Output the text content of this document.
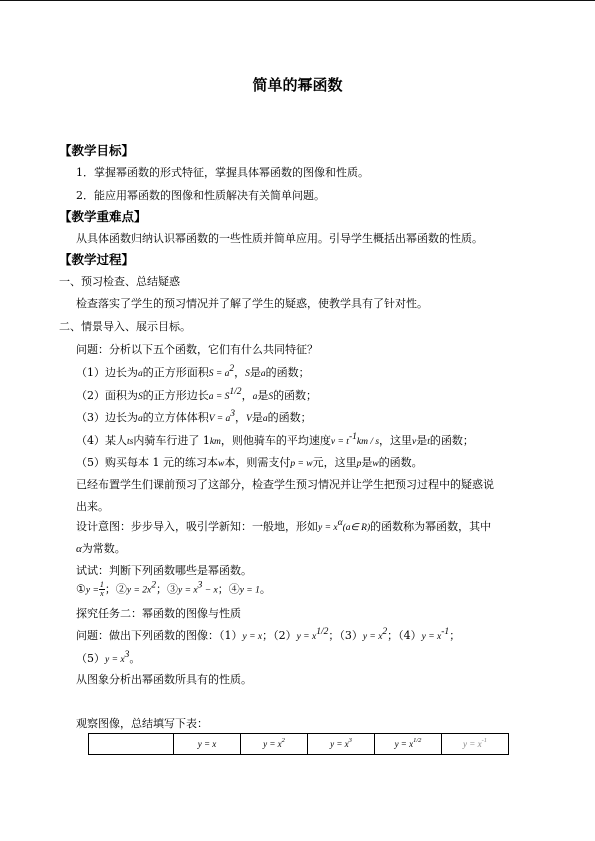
简单的幂函数
【教学目标】
1．掌握幂函数的形式特征，掌握具体幂函数的图像和性质。
2．能应用幂函数的图像和性质解决有关简单问题。
【教学重难点】
从具体函数归纳认识幂函数的一些性质并简单应用。引导学生概括出幂函数的性质。
【教学过程】
一、预习检查、总结疑惑
检查落实了学生的预习情况并了解了学生的疑惑，使教学具有了针对性。
二、情景导入、展示目标。
问题：分析以下五个函数，它们有什么共同特征？
（1）边长为a的正方形面积$S = a^2$，S是a的函数；
（2）面积为S的正方形边长$a = S^{1/2}$，a是S的函数；
（3）边长为a的立方体体积$V = a^3$，V是a的函数；
（4）某人ts内骑车行进了 1km，则他骑车的平均速度$v = t^{-1}km / s$，这里v是t的函数；
（5）购买每本 1 元的练习本w本，则需支付p = w元，这里p是w的函数。
已经布置学生们课前预习了这部分，检查学生预习情况并让学生把预习过程中的疑惑说
出来。
设计意图：步步导入，吸引学新知：一般地，形如$y = x^\alpha(a\in$ R)的函数称为幂函数，其中
α为常数。
试试：判断下列函数哪些是幂函数。
①y = $\frac{1}{x}$；②y = $2x^2$；③y = $x^3 - x$；④y = 1。
探究任务二：幂函数的图像与性质
问题：做出下列函数的图像：（1）y = x；$(2)y = x^{1/2}$；$(3)y = x^2$；$(4)y = x^{-1}$；
$(5)y = x^3$。
从图象分析出幂函数所具有的性质。
观察图像，总结填写下表：
	y = x	$y = x^2$	$y = x^3$	$y = x^{1/2}$	$y = x^{-1}$
